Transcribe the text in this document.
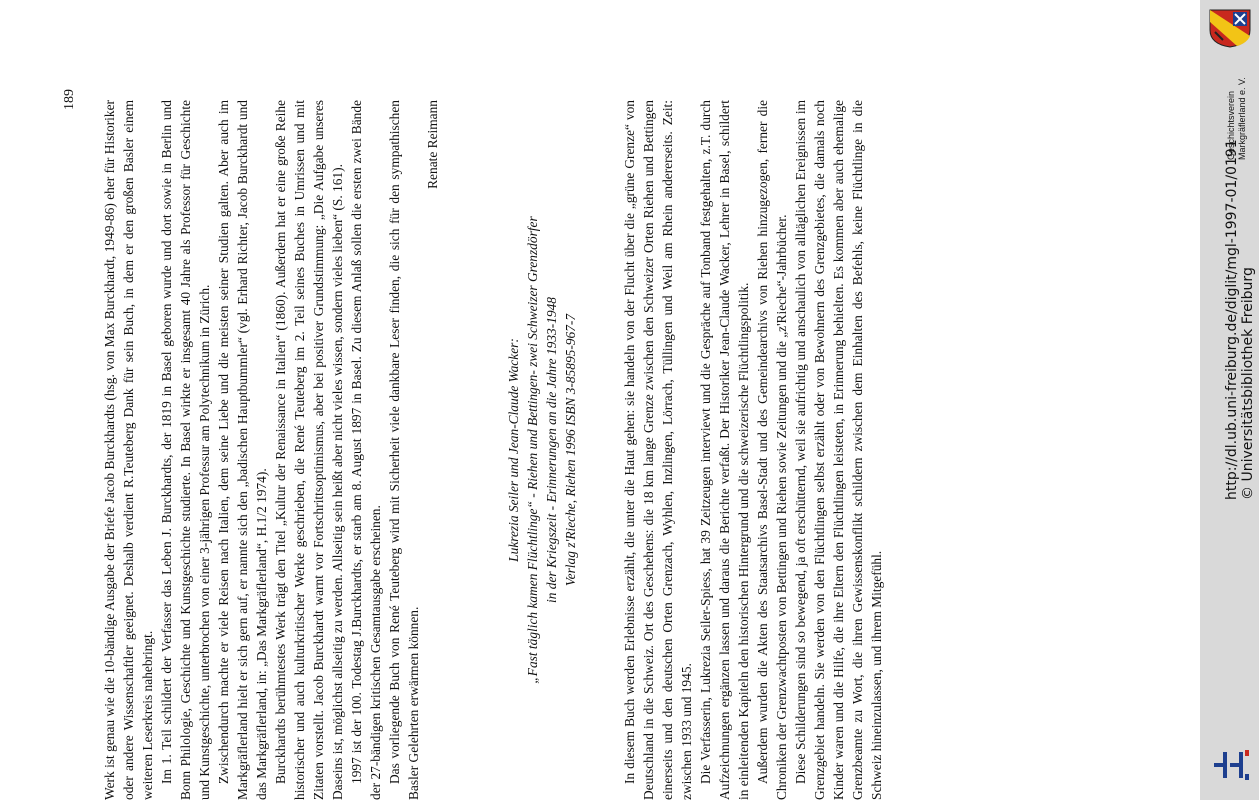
Werk ist genau wie die 10-bändige Ausgabe der Briefe Jacob Burckhardts (hsg. von Max Burckhardt, 1949-86) eher für Historiker oder andere Wissenschaftler geeignet. Deshalb verdient R.Teuteberg Dank für sein Buch, in dem er den großen Basler einem weiteren Leserkreis nahebringt. Im 1. Teil schildert der Verfasser das Leben J. Burckhardts, der 1819 in Basel geboren wurde und dort sowie in Berlin und Bonn Philologie, Geschichte und Kunstgeschichte studierte. In Basel wirkte er insgesamt 40 Jahre als Professor für Geschichte und Kunstgeschichte, unterbrochen von einer 3-jährigen Professur am Polytechnikum in Zürich. Zwischendurch machte er viele Reisen nach Italien, dem seine Liebe und die meisten seiner Studien galten. Aber auch im Markgräflerland hielt er sich gern auf, er nannte sich den „badischen Hauptbummler“ (vgl. Erhard Richter, Jacob Burckhardt und das Markgräflerland, in: „Das Markgräflerland“, H.1/2 1974). Burckhardts berühmtestes Werk trägt den Titel „Kultur der Renaissance in Italien“ (1860). Außerdem hat er eine große Reihe historischer und auch kulturkritischer Werke geschrieben, die René Teuteberg im 2. Teil seines Buches in Umrissen und mit Zitaten vorstellt. Jacob Burckhardt warnt vor Fortschrittsoptimismus, aber bei positiver Grundstimmung: „Die Aufgabe unseres Daseins ist, möglichst allseitig zu werden. Allseitig sein heißt aber nicht vieles wissen, sondern vieles lieben“ (S. 161). 1997 ist der 100. Todestag J.Burckhardts, er starb am 8. August 1897 in Basel. Zu diesem Anlaß sollen die ersten zwei Bände der 27-bändigen kritischen Gesamtausgabe erscheinen. Das vorliegende Buch von René Teuteberg wird mit Sicherheit viele dankbare Leser finden, die sich für den sympathischen Basler Gelehrten erwärmen können.

Renate Reimann

Lukrezia Seiler und Jean-Claude Wacker: „Fast täglich kamen Flüchtlinge“ - Riehen und Bettingen- zwei Schweizer Grenzdörfer in der Kriegszeit - Erinnerungen an die Jahre 1933-1948 Verlag z'Rieche, Riehen 1996 ISBN 3-85895-967-7	In diesem Buch werden Erlebnisse erzählt, die unter die Haut gehen: sie handeln von der Flucht über die „grüne Grenze“ von Deutschland in die Schweiz. Ort des Geschehens: die 18 km lange Grenze zwischen den Schweizer Orten Riehen und Bettingen einerseits und den deutschen Orten Grenzach, Wyhlen, Inzlingen, Lörrach, Tüllingen und Weil am Rhein andererseits. Zeit: zwischen 1933 und 1945. Die Verfasserin, Lukrezia Seiler-Spiess, hat 39 Zeitzeugen interviewt und die Gespräche auf Tonband festgehalten, z.T. durch Aufzeichnungen ergänzen lassen und daraus die Berichte verfaßt. Der Historiker Jean-Claude Wacker, Lehrer in Basel, schildert in einleitenden Kapiteln den historischen Hintergrund und die schweizerische Flüchtlingspolitik. Außerdem wurden die Akten des Staatsarchivs Basel-Stadt und des Gemeindearchivs von Riehen hinzugezogen, ferner die Chroniken der Grenzwachtposten von Bettingen und Riehen sowie Zeitungen und die „z'Rieche“-Jahrbücher. Diese Schilderungen sind so bewegend, ja oft erschütternd, weil sie aufrichtig und anschaulich von alltäglichen Ereignissen im Grenzgebiet handeln. Sie werden von den Flüchtlingen selbst erzählt oder von Bewohnern des Grenzgebietes, die damals noch Kinder waren und die Hilfe, die ihre Eltern den Flüchtlingen leisteten, in Erinnerung behielten. Es kommen aber auch ehemalige Grenzbeamte zu Wort, die ihren Gewissenskonflikt schildern zwischen dem Einhalten des Befehls, keine Flüchtlinge in die Schweiz hineinzulassen, und ihrem Mitgefühl.

189	Geschichtsverein Markgräflerland e. V.
http://dl.ub.uni-freiburg.de/diglit/mgl-1997-01/0191 © Universitätsbibliothek Freiburg
